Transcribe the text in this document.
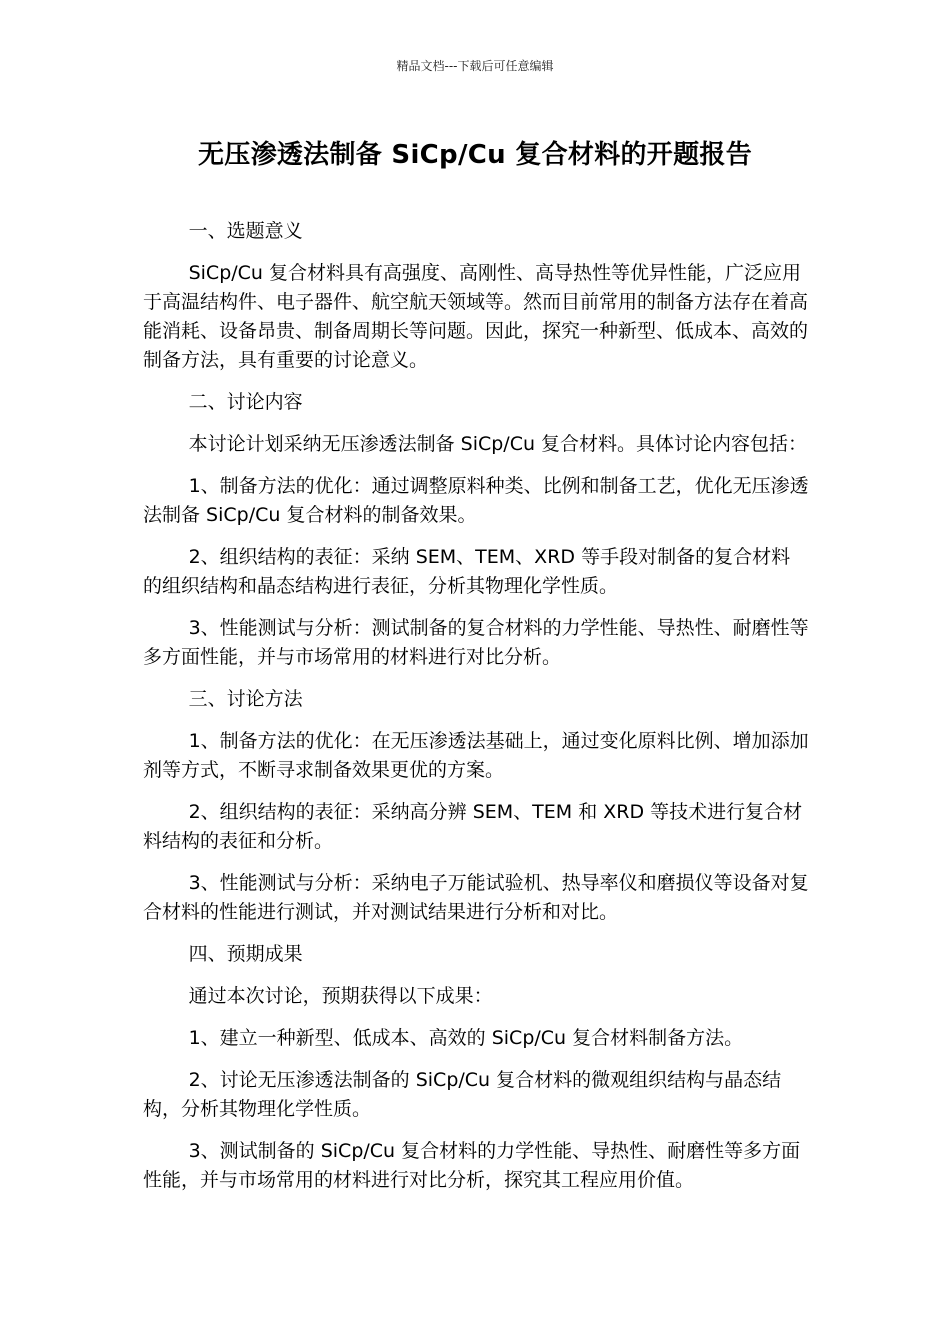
精品文档---下载后可任意编辑
无压渗透法制备 SiCp/Cu 复合材料的开题报告
一、选题意义

SiCp/Cu 复合材料具有高强度、高刚性、高导热性等优异性能，广泛应用于高温结构件、电子器件、航空航天领域等。然而目前常用的制备方法存在着高能消耗、设备昂贵、制备周期长等问题。因此，探究一种新型、低成本、高效的制备方法，具有重要的讨论意义。

二、讨论内容

本讨论计划采纳无压渗透法制备 SiCp/Cu 复合材料。具体讨论内容包括：

1、制备方法的优化：通过调整原料种类、比例和制备工艺，优化无压渗透法制备 SiCp/Cu 复合材料的制备效果。

2、组织结构的表征：采纳 SEM、TEM、XRD 等手段对制备的复合材料的组织结构和晶态结构进行表征，分析其物理化学性质。

3、性能测试与分析：测试制备的复合材料的力学性能、导热性、耐磨性等多方面性能，并与市场常用的材料进行对比分析。

三、讨论方法

1、制备方法的优化：在无压渗透法基础上，通过变化原料比例、增加添加剂等方式，不断寻求制备效果更优的方案。

2、组织结构的表征：采纳高分辨 SEM、TEM 和 XRD 等技术进行复合材料结构的表征和分析。

3、性能测试与分析：采纳电子万能试验机、热导率仪和磨损仪等设备对复合材料的性能进行测试，并对测试结果进行分析和对比。

四、预期成果

通过本次讨论，预期获得以下成果：

1、建立一种新型、低成本、高效的 SiCp/Cu 复合材料制备方法。

2、讨论无压渗透法制备的 SiCp/Cu 复合材料的微观组织结构与晶态结构，分析其物理化学性质。

3、测试制备的 SiCp/Cu 复合材料的力学性能、导热性、耐磨性等多方面性能，并与市场常用的材料进行对比分析，探究其工程应用价值。
